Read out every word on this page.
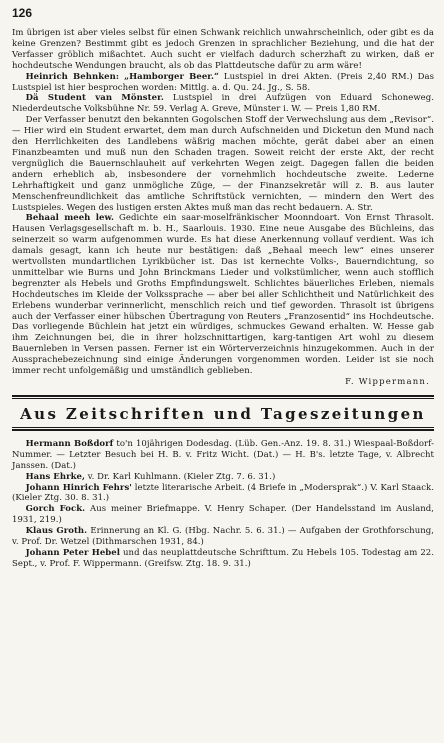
126

Im übrigen ist aber vieles selbst für einen Schwank reichlich unwahrscheinlich, oder gibt es da keine Grenzen? Bestimmt gibt es jedoch Grenzen in sprachlicher Beziehung, und die hat der Verfasser gröblich mißachtet. Auch sucht er vielfach dadurch scherzhaft zu wirken, daß er hochdeutsche Wendungen braucht, als ob das Plattdeutsche dafür zu arm wäre!

Heinrich Behnken: „Hamborger Beer.“ Lustspiel in drei Akten. (Preis 2,40 RM.) Das Lustspiel ist hier besprochen worden: Mittlg. a. d. Qu. 24. Jg., S. 58.

Dä Student van Mönster. Lustspiel in drei Aufzügen von Eduard Schoneweg. Niederdeutsche Volksbühne Nr. 59. Verlag A. Greve, Münster i. W. — Preis 1,80 RM.

Der Verfasser benutzt den bekannten Gogolschen Stoff der Verwechslung aus dem „Revisor“. — Hier wird ein Student erwartet, dem man durch Aufschneiden und Dicketun den Mund nach den Herrlichkeiten des Landlebens wäßrig machen möchte, gerät dabei aber an einen Finanzbeamten und muß nun den Schaden tragen. Soweit reicht der erste Akt, der recht vergnüglich die Bauernschlauheit auf verkehrten Wegen zeigt. Dagegen fallen die beiden andern erheblich ab, insbesondere der vornehmlich hochdeutsche zweite. Lederne Lehrhaftigkeit und ganz unmögliche Züge, — der Finanzsekretär will z. B. aus lauter Menschenfreundlichkeit das amtliche Schriftstück vernichten, — mindern den Wert des Lustspieles. Wegen des lustigen ersten Aktes muß man das recht bedauern. A. Str.

Behaal meeh lew. Gedichte ein saar-moselfränkischer Moonndoart. Von Ernst Thrasolt. Hausen Verlagsgesellschaft m. b. H., Saarlouis. 1930. Eine neue Ausgabe des Büchleins, das seinerzeit so warm aufgenommen wurde. Es hat diese Anerkennung vollauf verdient. Was ich damals gesagt, kann ich heute nur bestätigen: daß „Behaal meech lew“ eines unserer wertvollsten mundartlichen Lyrikbücher ist. Das ist kernechte Volks-, Bauerndichtung, so unmittelbar wie Burns und John Brinckmans Lieder und volkstümlicher, wenn auch stofflich begrenzter als Hebels und Groths Empfindungswelt. Schlichtes bäuerliches Erleben, niemals Hochdeutsches im Kleide der Volkssprache — aber bei aller Schlichtheit und Natürlichkeit des Erlebens wunderbar verinnerlicht, menschlich reich und tief geworden. Thrasolt ist übrigens auch der Verfasser einer hübschen Übertragung von Reuters „Franzosentid“ ins Hochdeutsche. Das vorliegende Büchlein hat jetzt ein würdiges, schmuckes Gewand erhalten. W. Hesse gab ihm Zeichnungen bei, die in ihrer holzschnittartigen, karg-tantigen Art wohl zu diesem Bauernleben in Versen passen. Ferner ist ein Wörterverzeichnis hinzugekommen. Auch in der Aussprachebezeichnung sind einige Änderungen vorgenommen worden. Leider ist sie noch immer recht unfolgemäßig und umständlich geblieben.

F. Wippermann.

Aus Zeitschriften und Tageszeitungen

Hermann Boßdorf to'n 10jährigen Dodesdag. (Lüb. Gen.-Anz. 19. 8. 31.) Wiespaal-Boßdorf-Nummer. — Letzter Besuch bei H. B. v. Fritz Wicht. (Dat.) — H. B's. letzte Tage, v. Albrecht Janssen. (Dat.)

Hans Ehrke, v. Dr. Karl Kuhlmann. (Kieler Ztg. 7. 6. 31.)

Johann Hinrich Fehrs' letzte literarische Arbeit. (4 Briefe in „Modersprak“.) V. Karl Staack. (Kieler Ztg. 30. 8. 31.)

Gorch Fock. Aus meiner Briefmappe. V. Henry Schaper. (Der Handelsstand im Ausland, 1931, 219.)

Klaus Groth. Erinnerung an Kl. G. (Hbg. Nachr. 5. 6. 31.) — Aufgaben der Grothforschung, v. Prof. Dr. Wetzel (Dithmarschen 1931, 84.)

Johann Peter Hebel und das neuplattdeutsche Schrifttum. Zu Hebels 105. Todestag am 22. Sept., v. Prof. F. Wippermann. (Greifsw. Ztg. 18. 9. 31.)
